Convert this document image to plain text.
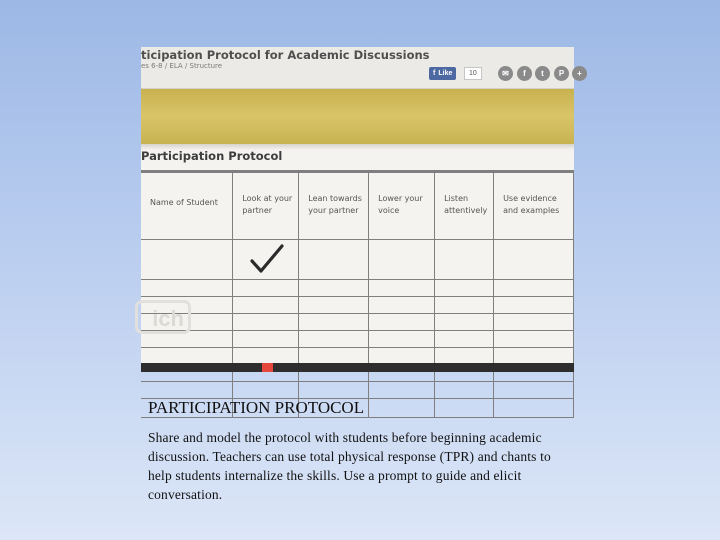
ticipation Protocol for Academic Discussions
es 6-8 / ELA / Structure
f Like	10	✉	f	t	P	+
Participation Protocol
Name of Student	Look at your partner	Lean towards your partner	Lower your voice	Listen attentively	Use evidence and examples

ich
PARTICIPATION PROTOCOL

Share and model the protocol with students before beginning academic discussion. Teachers can use total physical response (TPR) and chants to help students internalize the skills. Use a prompt to guide and elicit conversation.
